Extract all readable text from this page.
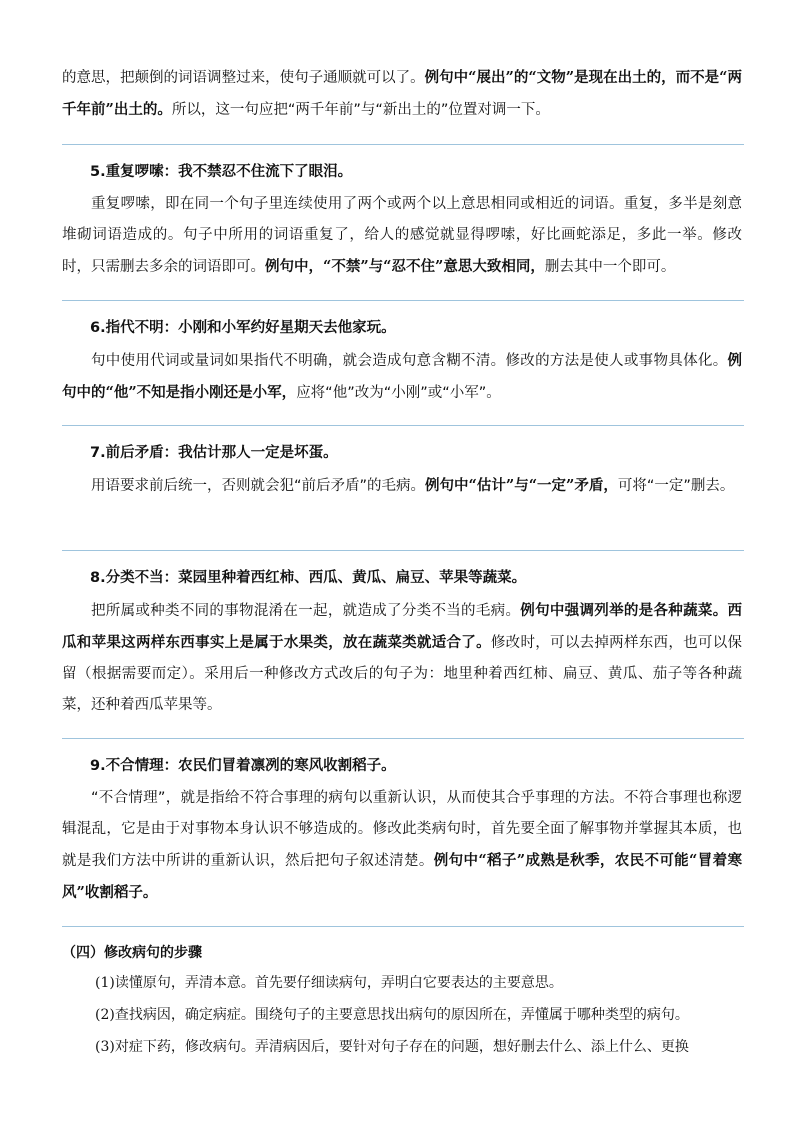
的意思，把颠倒的词语调整过来，使句子通顺就可以了。例句中“展出”的“文物”是现在出土的，而不是“两千年前”出土的。所以，这一句应把“两千年前”与“新出土的”位置对调一下。

5.重复啰嗦：我不禁忍不住流下了眼泪。

重复啰嗦，即在同一个句子里连续使用了两个或两个以上意思相同或相近的词语。重复，多半是刻意堆砌词语造成的。句子中所用的词语重复了，给人的感觉就显得啰嗦，好比画蛇添足，多此一举。修改时，只需删去多余的词语即可。例句中，“不禁”与“忍不住”意思大致相同，删去其中一个即可。

6.指代不明：小刚和小军约好星期天去他家玩。

句中使用代词或量词如果指代不明确，就会造成句意含糊不清。修改的方法是使人或事物具体化。例句中的“他”不知是指小刚还是小军，应将“他”改为“小刚”或“小军”。

7.前后矛盾：我估计那人一定是坏蛋。

用语要求前后统一，否则就会犯“前后矛盾”的毛病。例句中“估计”与“一定”矛盾，可将“一定”删去。

8.分类不当：菜园里种着西红柿、西瓜、黄瓜、扁豆、苹果等蔬菜。

把所属或种类不同的事物混淆在一起，就造成了分类不当的毛病。例句中强调列举的是各种蔬菜。西瓜和苹果这两样东西事实上是属于水果类，放在蔬菜类就适合了。修改时，可以去掉两样东西，也可以保留（根据需要而定）。采用后一种修改方式改后的句子为：地里种着西红柿、扁豆、黄瓜、茄子等各种蔬菜，还种着西瓜苹果等。

9.不合情理：农民们冒着凛冽的寒风收割稻子。

“不合情理”，就是指给不符合事理的病句以重新认识，从而使其合乎事理的方法。不符合事理也称逻辑混乱，它是由于对事物本身认识不够造成的。修改此类病句时，首先要全面了解事物并掌握其本质，也就是我们方法中所讲的重新认识，然后把句子叙述清楚。例句中“稻子”成熟是秋季，农民不可能“冒着寒风”收割稻子。

（四）修改病句的步骤

(1)读懂原句，弄清本意。首先要仔细读病句，弄明白它要表达的主要意思。

(2)查找病因，确定病症。围绕句子的主要意思找出病句的原因所在，弄懂属于哪种类型的病句。

(3)对症下药，修改病句。弄清病因后，要针对句子存在的问题，想好删去什么、添上什么、更换
